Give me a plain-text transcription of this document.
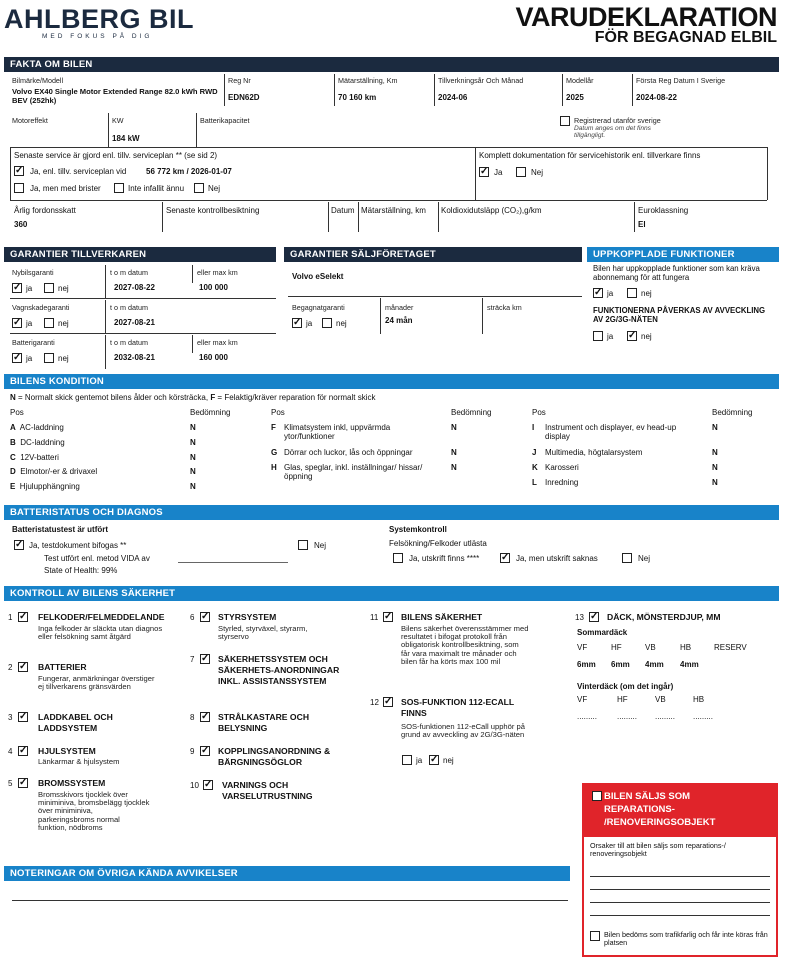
AHLBERG BIL
MED FOKUS PÅ DIG
VARUDEKLARATION
FÖR BEGAGNAD ELBIL
FAKTA OM BILEN
Bilmärke/Modell
Volvo EX40 Single Motor Extended Range 82.0 kWh RWD BEV (252hk)
Reg Nr
EDN62D
Mätarställning, Km
70 160 km
Tillverkningsår Och Månad
2024-06
Modellår
2025
Första Reg Datum I Sverige
2024-08-22
Motoreffekt	KW
184 kW
Batterikapacitet	Registrerad utanför sverige
Datum anges om det finns tillgängligt.
Senaste service är gjord enl. tillv. serviceplan ** (se sid 2)
✓ Ja, enl. tillv. serviceplan vid 56 772 km / 2026-01-07
Ja, men med brister	Inte infallit ännu	Nej
Komplett dokumentation för servicehistorik enl. tillverkare finns
✓ Ja	Nej
Årlig fordonsskatt
360
Senaste kontrollbesiktning	Datum Mätarställning, km Koldioxidutsläpp (CO₂),g/km	Euroklassning
El
GARANTIER TILLVERKAREN	GARANTIER SÄLJFÖRETAGET	UPPKOPPLADE FUNKTIONER
Nybilsgaranti	t o m datum
2027-08-22
eller max km
100 000
✓ ja	nej
Vagnskadegaranti	t o m datum
2027-08-21
✓ ja	nej
Batterigaranti	t o m datum
2032-08-21
eller max km
160 000
✓ ja	nej
Volvo eSelekt
Begagnatgaranti
✓ ja	nej
månader
24 mån
sträcka km
Bilen har uppkopplade funktioner som kan kräva abonnemang för att fungera
✓ ja	nej
FUNKTIONERNA PÅVERKAS AV AVVECKLING AV 2G/3G-NÄTEN
ja ✓ nej
BILENS KONDITION
N = Normalt skick gentemot bilens ålder och körsträcka, F = Felaktig/kräver reparation för normalt skick
Pos	Bedömning	Pos	Bedömning	Pos	Bedömning
A AC-laddning	N
B DC-laddning	N
C 12V-batteri	N
D Elmotor/-er & drivaxel	N
E Hjulupphängning	N
F Klimatsystem inkl, uppvärmda ytor/funktioner
N
G Dörrar och luckor, lås och öppningar	N
H Glas, speglar, inkl. inställningar/ hissar/öppning
N
I Instrument och displayer, ev head-up display
N
J Multimedia, högtalarsystem	N
K Karosseri	N
L Inredning	N
BATTERISTATUS OCH DIAGNOS
Batteristatustest är utfört
✓ Ja, testdokument bifogas **
Test utfört enl. metod VIDA av
State of Health: 99%
Nej
Systemkontroll
Felsökning/Felkoder utlästa
Ja, utskrift finns **** ✓ Ja, men utskrift saknas	Nej
KONTROLL AV BILENS SÄKERHET
1 ✓ FELKODER/FELMEDDELANDE
Inga felkoder är släckta utan diagnos eller felsökning samt åtgärd
2 ✓ BATTERIER
Fungerar, anmärkningar överstiger ej tillverkarens gränsvärden
3 ✓ LADDKABEL OCH LADDSYSTEM
4 ✓ HJULSYSTEM
Länkarmar & hjulsystem
5 ✓ BROMSSYSTEM
Bromsskivors tjocklek över miniminiva, bromsbelägg tjocklek över miniminiva, parkeringsbroms normal funktion, nödbroms
6 ✓ STYRSYSTEM
Styrled, styrväxel, styrarm, styrservo
7 ✓ SÄKERHETSSYSTEM OCH SÄKERHETS-ANORDNINGAR INKL. ASSISTANSSYSTEM
8 ✓ STRÅLKASTARE OCH BELYSNING
9 ✓ KOPPLINGSANORDNING & BÄRGNINGSÖGLOR
10 ✓ VARNINGS OCH VARSELUTRUSTNING
11 ✓ BILENS SÄKERHET
Bilens säkerhet överensstämmer med resultatet i bifogat protokoll från obligatorisk kontrollbesiktning, som får vara maximalt tre månader och bilen får ha körts max 100 mil
12 ✓ SOS-FUNKTION 112-ECALL FINNS
SOS-funktionen 112-eCall upphör på grund av avveckling av 2G/3G-näten
ja ✓ nej
13 ✓ DÄCK, MÖNSTERDJUP, MM
Sommardäck
VF	HF	VB	HB	RESERV
6mm 6mm 4mm 4mm
Vinterdäck (om det ingår)
VF	HF	VB	HB
......... ......... ......... .........
BILEN SÄLJS SOM REPARATIONS- /RENOVERINGSOBJEKT
Orsaker till att bilen säljs som reparations-/ renoveringsobjekt
Bilen bedöms som trafikfarlig och får inte köras från platsen
NOTERINGAR OM ÖVRIGA KÄNDA AVVIKELSER
